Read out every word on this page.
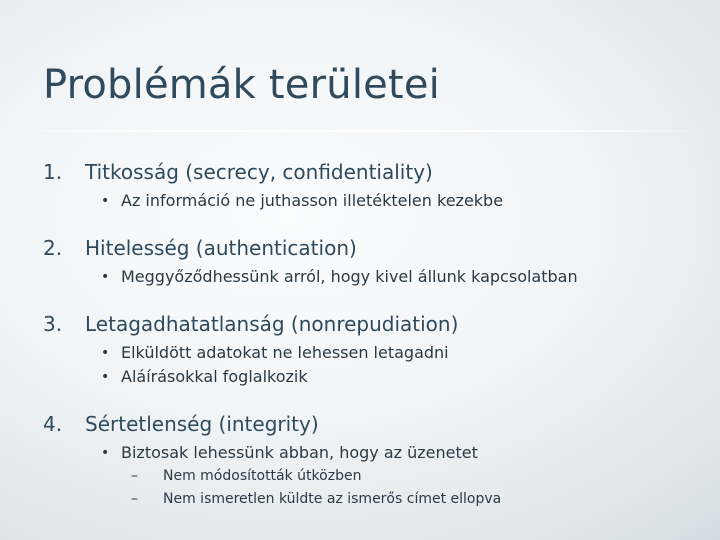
Problémák területei
1. Titkosság (secrecy, confidentiality)
• Az információ ne juthasson illetéktelen kezekbe
2. Hitelesség (authentication)
• Meggyőződhessünk arról, hogy kivel állunk kapcsolatban
3. Letagadhatatlanság (nonrepudiation)
• Elküldött adatokat ne lehessen letagadni
• Aláírásokkal foglalkozik
4. Sértetlenség (integrity)
• Biztosak lehessünk abban, hogy az üzenetet
– Nem módosították útközben
– Nem ismeretlen küldte az ismerős címet ellopva
